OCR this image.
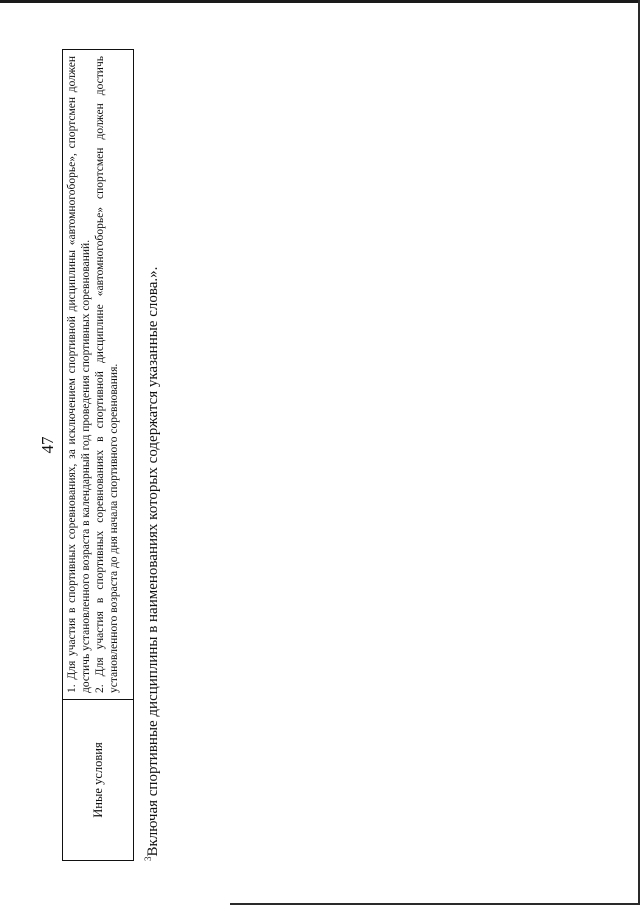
47
Иные условия	

1. Для участия в спортивных соревнованиях, за исключением спортивной дисциплины «автомногоборье», спортсмен должен достичь установленного возраста в календарный год проведения спортивных соревнований. 2. Для участия в спортивных соревнованиях в спортивной дисциплине «автомногоборье» спортсмен должен достичь установленного возраста до дня начала спортивного соревнования.

$^3$Включая спортивные дисциплины в наименованиях которых содержатся указанные слова.».
